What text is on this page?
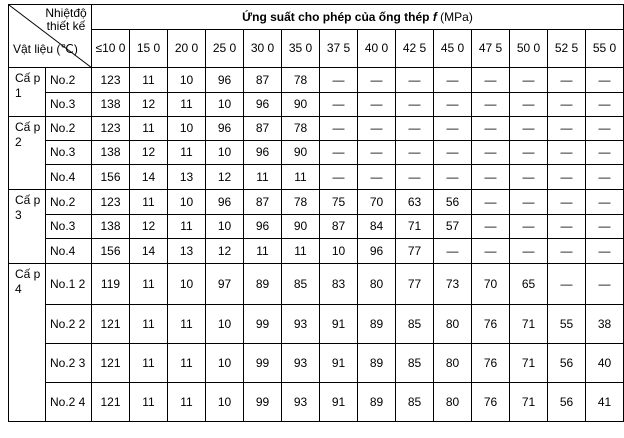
Nhiệtđộ thiết kế
Vật liệu (℃)		Ứng suất cho phép của ống thép f (MPa)													
		≤10 0	15 0	20 0	25 0	30 0	35 0	37 5	40 0	42 5	45 0	47 5	50 0	52 5	55 0
Cấ p 1	No.2	123	11	10	96	87	78	—	—	—	—	—	—	—	—
	No.3	138	12	11	10	96	90	—	—	—	—	—	—	—	—
Cấ p 2	No.2	123	11	10	96	87	78	—	—	—	—	—	—	—	—
	No.3	138	12	11	10	96	90	—	—	—	—	—	—	—	—
	No.4	156	14	13	12	11	11	—	—	—	—	—	—	—	—
Cấ p 3	No.2	123	11	10	96	87	78	75	70	63	56	—	—	—	—
	No.3	138	12	11	10	96	90	87	84	71	57	—	—	—	—
	No.4	156	14	13	12	11	11	10	96	77	—	—	—	—	—
Cấ p 4	No.1 2	119	11	10	97	89	85	83	80	77	73	70	65	—	—
	No.2 2	121	11	11	10	99	93	91	89	85	80	76	71	55	38
	No.2 3	121	11	11	10	99	93	91	89	85	80	76	71	56	40
	No.2 4	121	11	11	10	99	93	91	89	85	80	76	71	56	41
